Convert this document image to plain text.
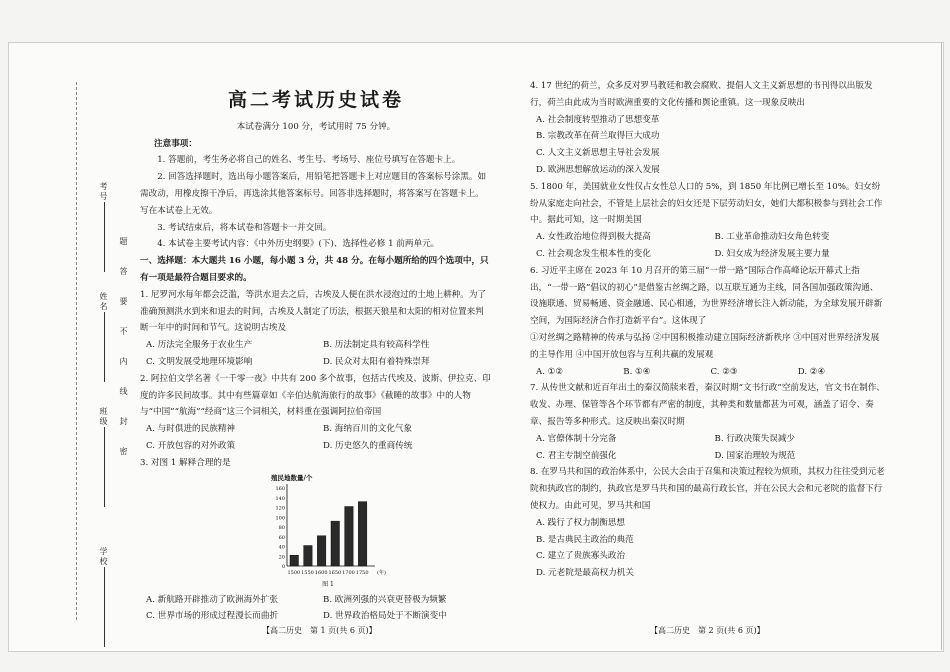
考号
姓名
班级
学校
题
答
要
不
内
线
封
密
高二考试历史试卷

本试卷满分 100 分，考试用时 75 分钟。

注意事项：

1. 答题前，考生务必将自己的姓名、考生号、考场号、座位号填写在答题卡上。

2. 回答选择题时，选出每小题答案后，用铅笔把答题卡上对应题目的答案标号涂黑。如需改动，用橡皮擦干净后，再选涂其他答案标号。回答非选择题时，将答案写在答题卡上。写在本试卷上无效。

3. 考试结束后，将本试卷和答题卡一并交回。

4. 本试卷主要考试内容：《中外历史纲要》(下)、选择性必修 1 前两单元。

一、选择题：本大题共 16 小题，每小题 3 分，共 48 分。在每小题所给的四个选项中，只有一项是最符合题目要求的。

1. 尼罗河水每年都会泛滥，等洪水退去之后，古埃及人便在洪水浸泡过的土地上耕种。为了准确预测洪水到来和退去的时间，古埃及人制定了历法，根据天狼星和太阳的相对位置来判断一年中的时间和节气。这说明古埃及

A. 历法完全服务于农业生产	B. 历法制定具有较高科学性
C. 文明发展受地理环境影响	D. 民众对太阳有着特殊崇拜

2. 阿拉伯文学名著《一千零一夜》中共有 200 多个故事，包括古代埃及、波斯、伊拉克、印度的许多民间故事。其中有些篇章如《辛伯达航海旅行的故事》《截睡的故事》中的人物与“中国”“航海”“经商”这三个词相关，材料重在强调阿拉伯帝国

A. 与时俱进的民族精神	B. 海纳百川的文化气象
C. 开放包容的对外政策	D. 历史悠久的重商传统

3. 对图 1 解释合理的是

殖民地数量/个
0
20
40
60
80
100
120
140
160
1500 1550 1600 1650 1700 1750 (年)
图 1
A. 新航路开辟推动了欧洲海外扩张	B. 欧洲列强的兴衰更替极为频繁
C. 世界市场的形成过程漫长而曲折	D. 世界政治格局处于不断演变中

4. 17 世纪的荷兰，众多反对罗马教廷和教会腐败、提倡人文主义新思想的书刊得以出版发行，荷兰由此成为当时欧洲重要的文化传播和舆论重镇。这一现象反映出

A. 社会制度转型推动了思想变革
B. 宗教改革在荷兰取得巨大成功
C. 人文主义新思想主导社会发展
D. 欧洲思想解放运动的深入发展

5. 1800 年，美国就业女性仅占女性总人口的 5%，到 1850 年比例已增长至 10%。妇女纷纷从家庭走向社会，不管是上层社会的妇女还是下层劳动妇女，她们大都积极参与到社会工作中。据此可知，这一时期美国

A. 女性政治地位得到极大提高	B. 工业革命推动妇女角色转变
C. 社会观念发生根本性的变化	D. 妇女成为经济发展主要力量

6. 习近平主席在 2023 年 10 月召开的第三届“一带一路”国际合作高峰论坛开幕式上指出，“一带一路”倡议的初心”是借鉴古丝绸之路，以互联互通为主线，同各国加强政策沟通、设施联通、贸易畅通、资金融通、民心相通，为世界经济增长注入新动能，为全球发展开辟新空间，为国际经济合作打造新平台”。这体现了

①对丝绸之路精神的传承与弘扬 ②中国积极推动建立国际经济新秩序 ③中国对世界经济发展的主导作用 ④中国开放包容与互利共赢的发展观

A. ①②	B. ①④	C. ②③	D. ②④

7. 从传世文献和近百年出土的秦汉简牍来看，秦汉时期“文书行政”空前发达，官文书在制作、收发、办理、保管等各个环节都有严密的制度，其种类和数量都甚为可观，涵盖了诏令、奏章、报告等多种形式。这反映出秦汉时期

A. 官僚体制十分完备	B. 行政决策失误减少
C. 君主专制空前强化	D. 国家治理较为规范

8. 在罗马共和国的政治体系中，公民大会由于召集和决策过程较为烦琐，其权力往往受到元老院和执政官的制约，执政官是罗马共和国的最高行政长官，并在公民大会和元老院的监督下行使权力。由此可见，罗马共和国

A. 践行了权力制衡思想
B. 是古典民主政治的典范
C. 建立了贵族寡头政治
D. 元老院是最高权力机关
【高二历史　第 1 页(共 6 页)】	【高二历史　第 2 页(共 6 页)】
